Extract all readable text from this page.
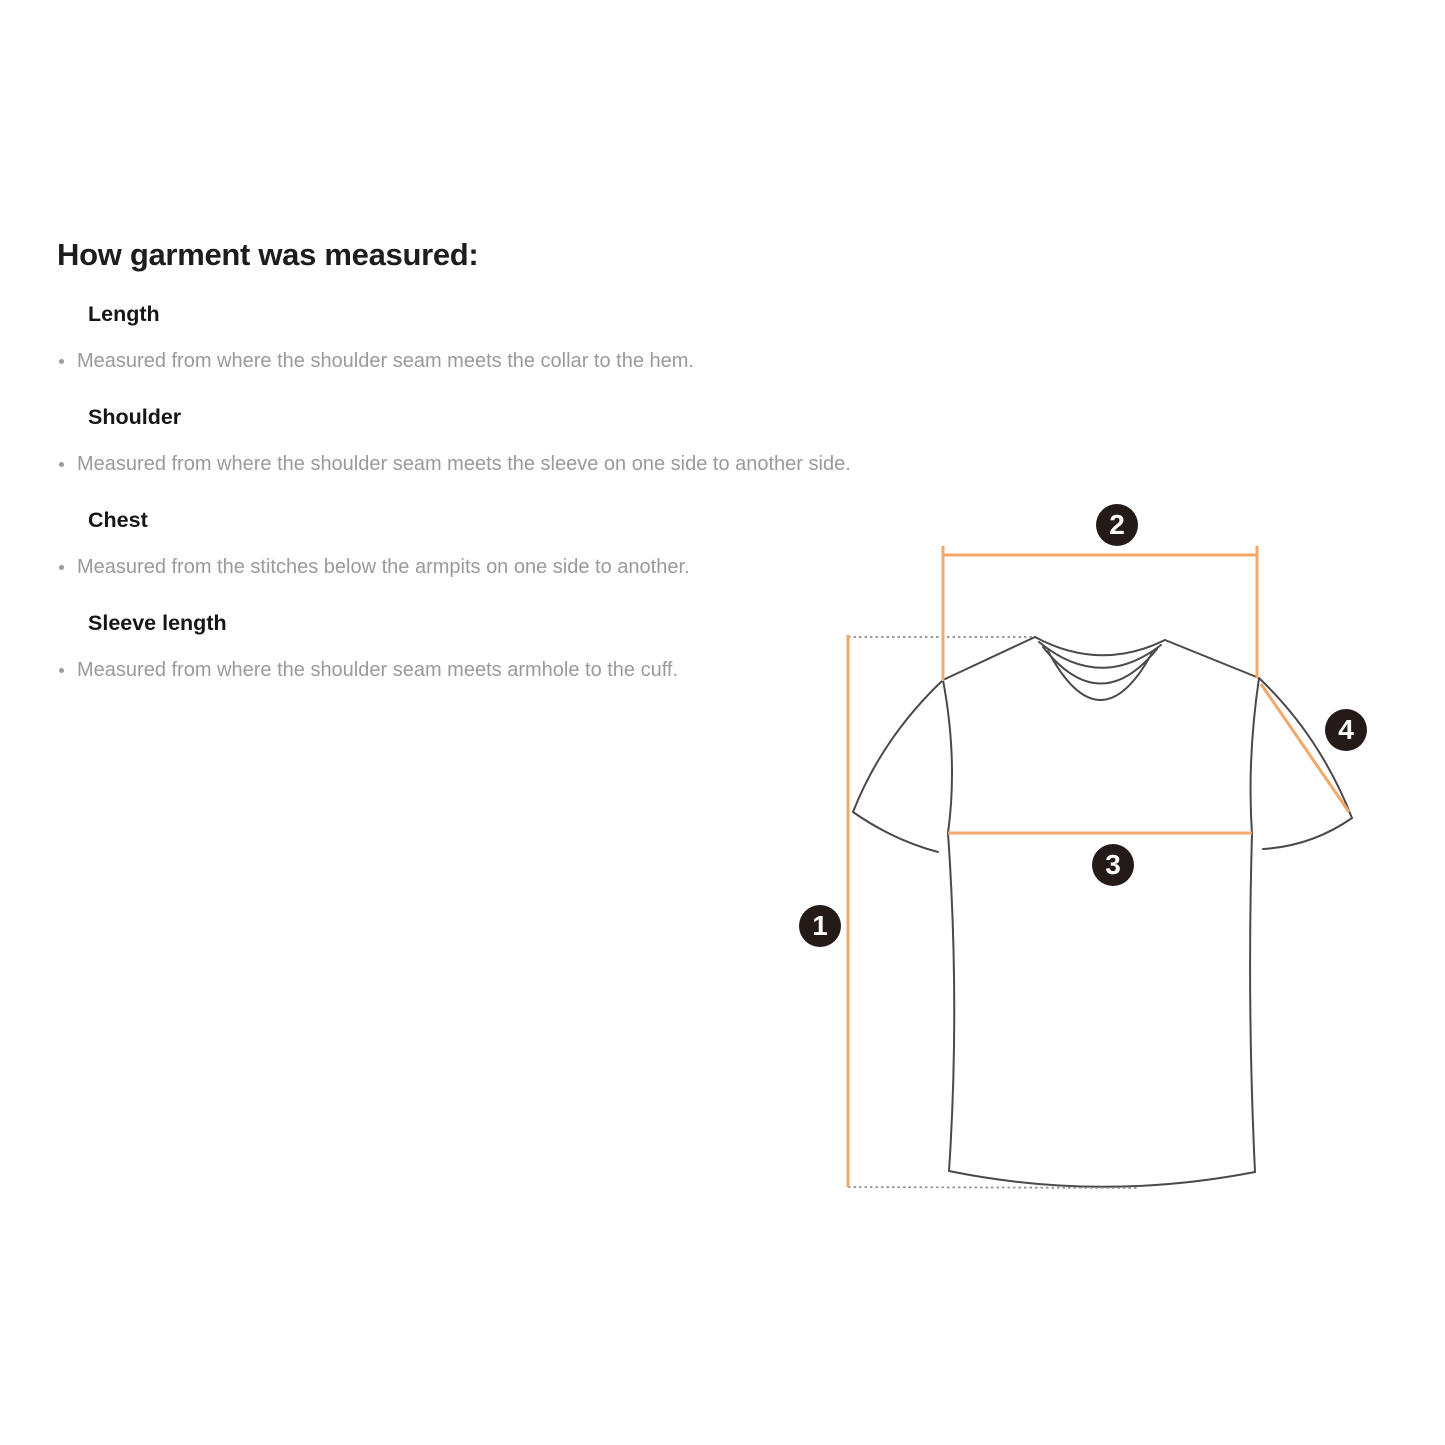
How garment was measured:
Length
Measured from where the shoulder seam meets the collar to the hem.
Shoulder
Measured from where the shoulder seam meets the sleeve on one side to another side.
Chest
Measured from the stitches below the armpits on one side to another.
Sleeve length
Measured from where the shoulder seam meets armhole to the cuff.
1
2
3
4
